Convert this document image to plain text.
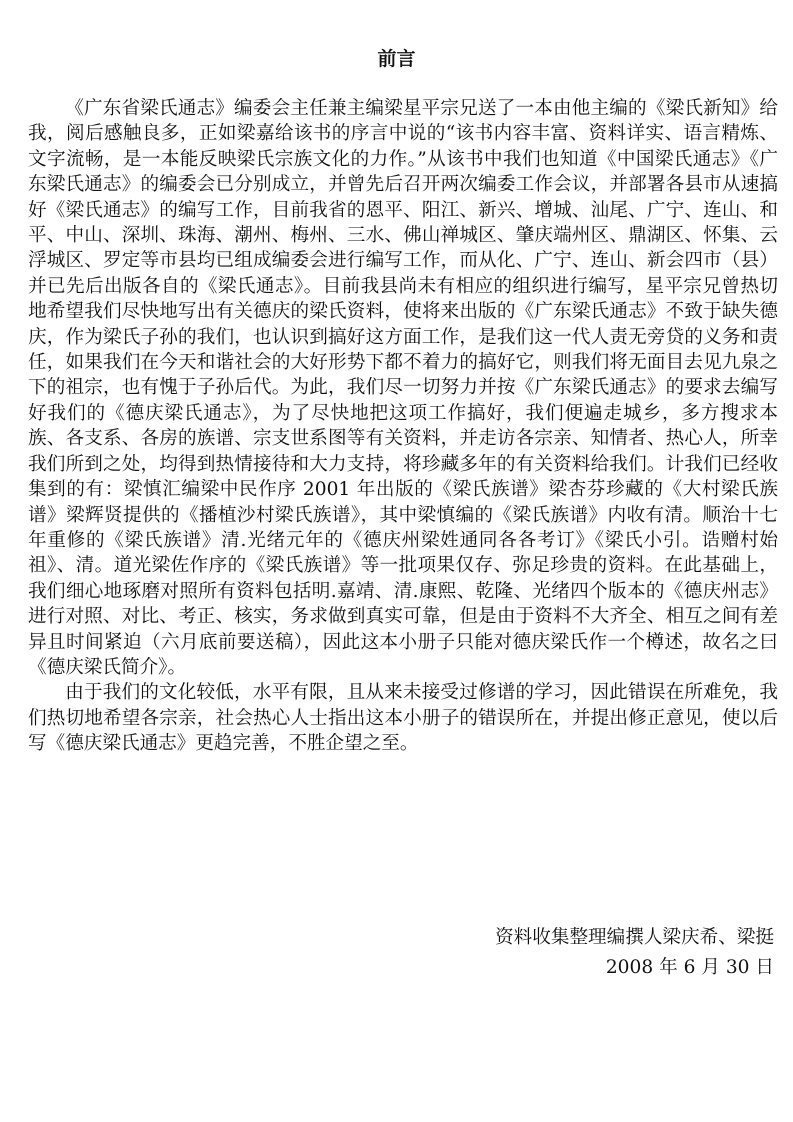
前言

《广东省梁氏通志》编委会主任兼主编梁星平宗兄送了一本由他主编的《梁氏新知》给我，阅后感触良多，正如梁嘉给该书的序言中说的“该书内容丰富、资料详实、语言精炼、文字流畅，是一本能反映梁氏宗族文化的力作。”从该书中我们也知道《中国梁氏通志》《广东梁氏通志》的编委会已分别成立，并曾先后召开两次编委工作会议，并部署各县市从速搞好《梁氏通志》的编写工作，目前我省的恩平、阳江、新兴、增城、汕尾、广宁、连山、和平、中山、深圳、珠海、潮州、梅州、三水、佛山禅城区、肇庆端州区、鼎湖区、怀集、云浮城区、罗定等市县均已组成编委会进行编写工作，而从化、广宁、连山、新会四市（县）并已先后出版各自的《梁氏通志》。目前我县尚未有相应的组织进行编写，星平宗兄曾热切地希望我们尽快地写出有关德庆的梁氏资料，使将来出版的《广东梁氏通志》不致于缺失德庆，作为梁氏子孙的我们，也认识到搞好这方面工作，是我们这一代人责无旁贷的义务和责任，如果我们在今天和谐社会的大好形势下都不着力的搞好它，则我们将无面目去见九泉之下的祖宗，也有愧于子孙后代。为此，我们尽一切努力并按《广东梁氏通志》的要求去编写好我们的《德庆梁氏通志》，为了尽快地把这项工作搞好，我们便遍走城乡，多方搜求本族、各支系、各房的族谱、宗支世系图等有关资料，并走访各宗亲、知情者、热心人，所幸我们所到之处，均得到热情接待和大力支持，将珍藏多年的有关资料给我们。计我们已经收集到的有：梁慎汇编梁中民作序 2001 年出版的《梁氏族谱》梁杏芬珍藏的《大村梁氏族谱》梁辉贤提供的《播植沙村梁氏族谱》，其中梁慎编的《梁氏族谱》内收有清。顺治十七年重修的《梁氏族谱》清.光绪元年的《德庆州梁姓通同各各考订》《梁氏小引。诰赠村始祖》、清。道光梁佐作序的《梁氏族谱》等一批项果仅存、弥足珍贵的资料。在此基础上，我们细心地琢磨对照所有资料包括明.嘉靖、清.康熙、乾隆、光绪四个版本的《德庆州志》进行对照、对比、考正、核实，务求做到真实可靠，但是由于资料不大齐全、相互之间有差异且时间紧迫（六月底前要送稿），因此这本小册子只能对德庆梁氏作一个樽述，故名之曰《德庆梁氏简介》。

由于我们的文化较低，水平有限，且从来未接受过修谱的学习，因此错误在所难免，我们热切地希望各宗亲，社会热心人士指出这本小册子的错误所在，并提出修正意见，使以后写《德庆梁氏通志》更趋完善，不胜企望之至。

资料收集整理编撰人梁庆希、梁挺
2008 年 6 月 30 日
